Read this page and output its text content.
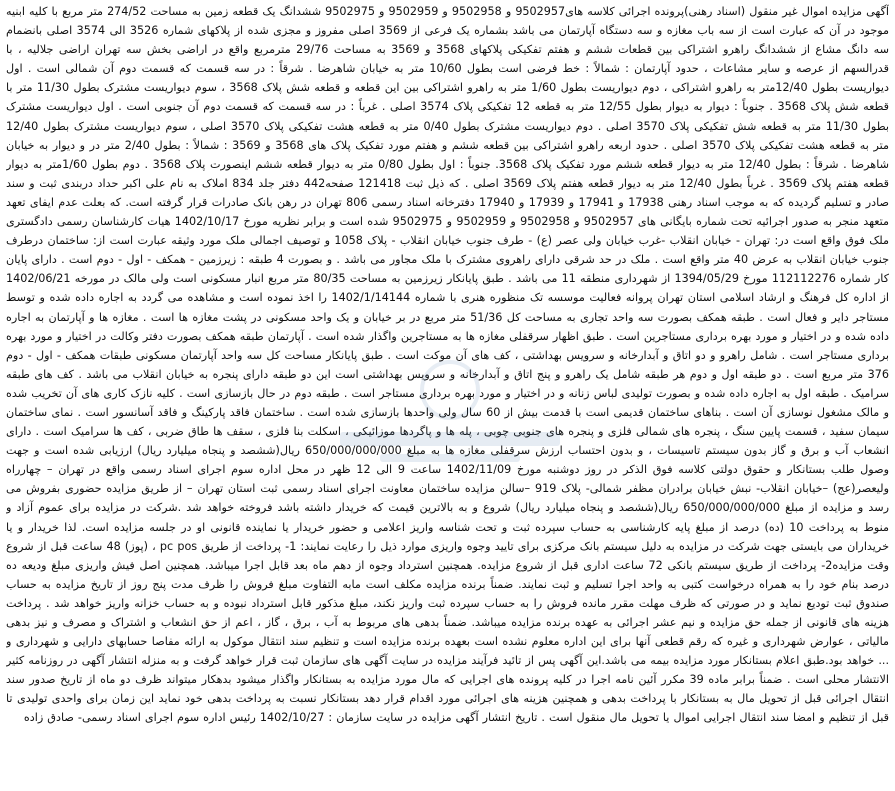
آگهی مزایده اموال غیر منقول (اسناد رهنی)پرونده اجرائی کلاسه های9502957 و 9502958 و 9502959 و 9502975 ششدانگ یک قطعه زمین به مساحت 274/52 متر مربع با کلیه ابنیه موجود در آن که عبارت است از سه باب مغازه و سه دستگاه آپارتمان می باشد بشماره یک فرعی از 3569 اصلی مفروز و مجزی شده از پلاکهای شماره 3526 الی 3574 اصلی بانضمام سه دانگ مشاع از ششدانگ راهرو اشتراکی بین قطعات ششم و هفتم تفکیکی پلاکهای 3568 و 3569 به مساحت 29/76 مترمربع واقع در اراضی بخش سه تهران اراضی جلالیه ، با قدرالسهم از عرصه و سایر مشاعات ، حدود آپارتمان : شمالاً : خط فرضی است بطول 10/60 متر به خیابان شاهرضا . شرقاً : در سه قسمت که قسمت دوم آن شمالی است . اول دیواریست بطول 12/40متر به راهرو اشتراکی ، دوم دیواریست بطول 1/60 متر به راهرو اشتراکی بین این قطعه و قطعه شش پلاک 3568 ، سوم دیواریست مشترک بطول 11/30 متر با قطعه شش پلاک 3568 . جنوباً : دیوار به دیوار بطول 12/55 متر به قطعه 12 تفکیکی پلاک 3574 اصلی . غرباً : در سه قسمت که قسمت دوم آن جنوبی است . اول دیواریست مشترک بطول 11/30 متر به قطعه شش تفکیکی پلاک 3570 اصلی . دوم دیواریست مشترک بطول 0/40 متر به قطعه هشت تفکیکی پلاک 3570 اصلی ، سوم دیواریست مشترک بطول 12/40 متر به قطعه هشت تفکیکی پلاک 3570 اصلی . حدود اربعه راهرو اشتراکی بین قطعه ششم و هفتم مورد تفکیک پلاک های 3568 و 3569 : شمالاً : بطول 2/40 متر در و دیوار به خیابان شاهرضا . شرقاً : بطول 12/40 متر به دیوار قطعه ششم مورد تفکیک پلاک 3568. جنوباً : اول بطول 0/80 متر به دیوار قطعه ششم اینصورت پلاک 3568 . دوم بطول 1/60متر به دیوار قطعه هفتم پلاک 3569 . غرباً بطول 12/40 متر به دیوار قطعه هفتم پلاک 3569 اصلی . که ذیل ثبت 121418 صفحه442 دفتر جلد 834 املاک به نام علی اکبر حداد دربندی ثبت و سند صادر و تسلیم گردیده که به موجب اسناد رهنی 17938 و 17941 و 17939 و 17940 دفترخانه اسناد رسمی 806 تهران در رهن بانک صادرات قرار گرفته است. که بعلت عدم ایفای تعهد متعهد منجر به صدور اجرائیه تحت شماره بایگانی های 9502957 و 9502958 و 9502959 و 9502975 شده است و برابر نظریه مورخ 1402/10/17 هیات کارشناسان رسمی دادگستری ملک فوق واقع است در: تهران - خیابان انقلاب -غرب خیابان ولی عصر (ع) - طرف جنوب خیابان انقلاب - پلاک 1058 و توصیف اجمالی ملک مورد وثیقه عبارت است از: ساختمان درطرف جنوب خیابان انقلاب به عرض 40 متر واقع است . ملک در حد شرقی دارای راهروی مشترک با ملک مجاور می باشد . و بصورت 4 طبقه : زیرزمین - همکف - اول - دوم است . دارای پایان کار شماره 112112276 مورخ 1394/05/29 از شهرداری منطقه 11 می باشد . طبق پایانکار زیرزمین به مساحت 80/35 متر مربع انبار مسکونی است ولی مالک در مورخه 1402/06/21 از اداره کل فرهنگ و ارشاد اسلامی استان تهران پروانه فعالیت موسسه تک منظوره هنری با شماره 1402/1/14144 را اخذ نموده است و مشاهده می گردد به اجاره داده شده و توسط مستاجر دایر و فعال است . طبقه همکف بصورت سه واحد تجاری به مساحت کل 51/36 متر مربع در بر خیابان و یک واحد مسکونی در پشت مغازه ها است . مغازه ها و آپارتمان به اجاره داده شده و در اختیار و مورد بهره برداری مستاجرین است . طبق اظهار سرقفلی مغازه ها به مستاجرین واگذار شده است . آپارتمان طبقه همکف بصورت دفتر وکالت در اختیار و مورد بهره برداری مستاجر است . شامل راهرو و دو اتاق و آبدارخانه و سرویس بهداشتی ، کف های آن موکت است . طبق پایانکار مساحت کل سه واحد آپارتمان مسکونی طبقات همکف - اول - دوم 376 متر مربع است . دو طبقه اول و دوم هر طبقه شامل یک راهرو و پنج اتاق و آبدارخانه و سرویس بهداشتی است این دو طبقه دارای پنجره به خیابان انقلاب می باشد . کف های طبقه سرامیک . طبقه اول به اجاره داده شده و بصورت تولیدی لباس زنانه و در اختیار و مورد بهره برداری مستاجر است . طبقه دوم در حال بازسازی است . کلیه نازک کاری های آن تخریب شده و مالک مشغول نوسازی آن است . بناهای ساختمان قدیمی است با قدمت بیش از 60 سال ولی واحدها بازسازی شده است . ساختمان فاقد پارکینگ و فاقد آسانسور است . نمای ساختمان سیمان سفید ، قسمت پایین سنگ ، پنجره های شمالی فلزی و پنجره های جنوبی چوبی ، پله ها و پاگردها موزائیکی ، اسکلت بنا فلزی ، سقف ها طاق ضربی ، کف ها سرامیک است . دارای انشعاب آب و برق و گاز بدون سیستم تاسیسات ، و بدون احتساب ارزش سرقفلی مغازه ها به مبلغ 650/000/000/000 ریال(ششصد و پنجاه میلیارد ریال) ارزیابی شده است و جهت وصول طلب بستانکار و حقوق دولتی کلاسه فوق الذکر در روز دوشنبه مورخ 1402/11/09 ساعت 9 الی 12 ظهر در محل اداره سوم اجرای اسناد رسمی واقع در تهران – چهارراه ولیعصر(عج) –خیابان انقلاب- نبش خیابان برادران مظفر شمالی- پلاک 919 –سالن مزایده ساختمان معاونت اجرای اسناد رسمی ثبت استان تهران – از طریق مزایده حضوری بفروش می رسد و مزایده از مبلغ 650/000/000/000 ریال(ششصد و پنجاه میلیارد ریال) شروع و به بالاترین قیمت که خریدار داشته باشد فروخته خواهد شد .شرکت در مزایده برای عموم آزاد و منوط به پرداخت 10 (ده) درصد از مبلغ پایه کارشناسی به حساب سپرده ثبت و تحت شناسه واریز اعلامی و حضور خریدار یا نماینده قانونی او در جلسه مزایده است. لذا خریدار و یا خریداران می بایستی جهت شرکت در مزایده به دلیل سیستم بانک مرکزی برای تایید وجوه واریزی موارد ذیل را رعایت نمایند: 1- پرداخت از طریق pc pos ، (پوز) 48 ساعت قبل از شروع وقت مزایده2- پرداخت از طریق سیستم بانکی 72 ساعت اداری قبل از شروع مزایده. همچنین استرداد وجوه از دهم ماه بعد قابل اجرا میباشد. همچنین اصل فیش واریزی مبلغ ودیعه ده درصد بنام خود را به همراه درخواست کتبی به واحد اجرا تسلیم و ثبت نمایند. ضمناً برنده مزایده مکلف است مابه التفاوت مبلغ فروش را ظرف مدت پنج روز از تاریخ مزایده به حساب صندوق ثبت تودیع نماید و در صورتی که ظرف مهلت مقرر مانده فروش را به حساب سپرده ثبت واریز نکند، مبلغ مذکور قابل استرداد نبوده و به حساب خزانه واریز خواهد شد . پرداخت هزینه های قانونی از جمله حق مزایده و نیم عشر اجرائی به عهده برنده مزایده میباشد. ضمناً بدهی های مربوط به آب ، برق ، گاز ، اعم از حق انشعاب و اشتراک و مصرف و نیز بدهی مالیاتی ، عوارض شهرداری و غیره که رقم قطعی آنها برای این اداره معلوم نشده است بعهده برنده مزایده است و تنظیم سند انتقال موکول به ارائه مفاصا حسابهای دارایی و شهرداری و ... خواهد بود.طبق اعلام بستانکار مورد مزایده بیمه می باشد.این آگهی پس از تائید فرآیند مزایده در سایت آگهی های سازمان ثبت قرار خواهد گرفت و به منزله انتشار آگهی در روزنامه کثیر الانتشار محلی است . ضمناً برابر ماده 39 مکرر آئین نامه اجرا در کلیه پرونده های اجرایی که مال مورد مزایده به بستانکار واگذار میشود بدهکار میتواند ظرف دو ماه از تاریخ صدور سند انتقال اجرائی قبل از تحویل مال به بستانکار با پرداخت بدهی و همچنین هزینه های اجرائی مورد اقدام قرار دهد بستانکار نسبت به پرداخت بدهی خود نماید این زمان برای واحدی تولیدی تا قبل از تنظیم و امضا سند انتقال اجرایی اموال یا تحویل مال منقول است . تاریخ انتشار آگهی مزایده در سایت سازمان : 1402/10/27 رئیس اداره سوم اجرای اسناد رسمی- صادق زاده
